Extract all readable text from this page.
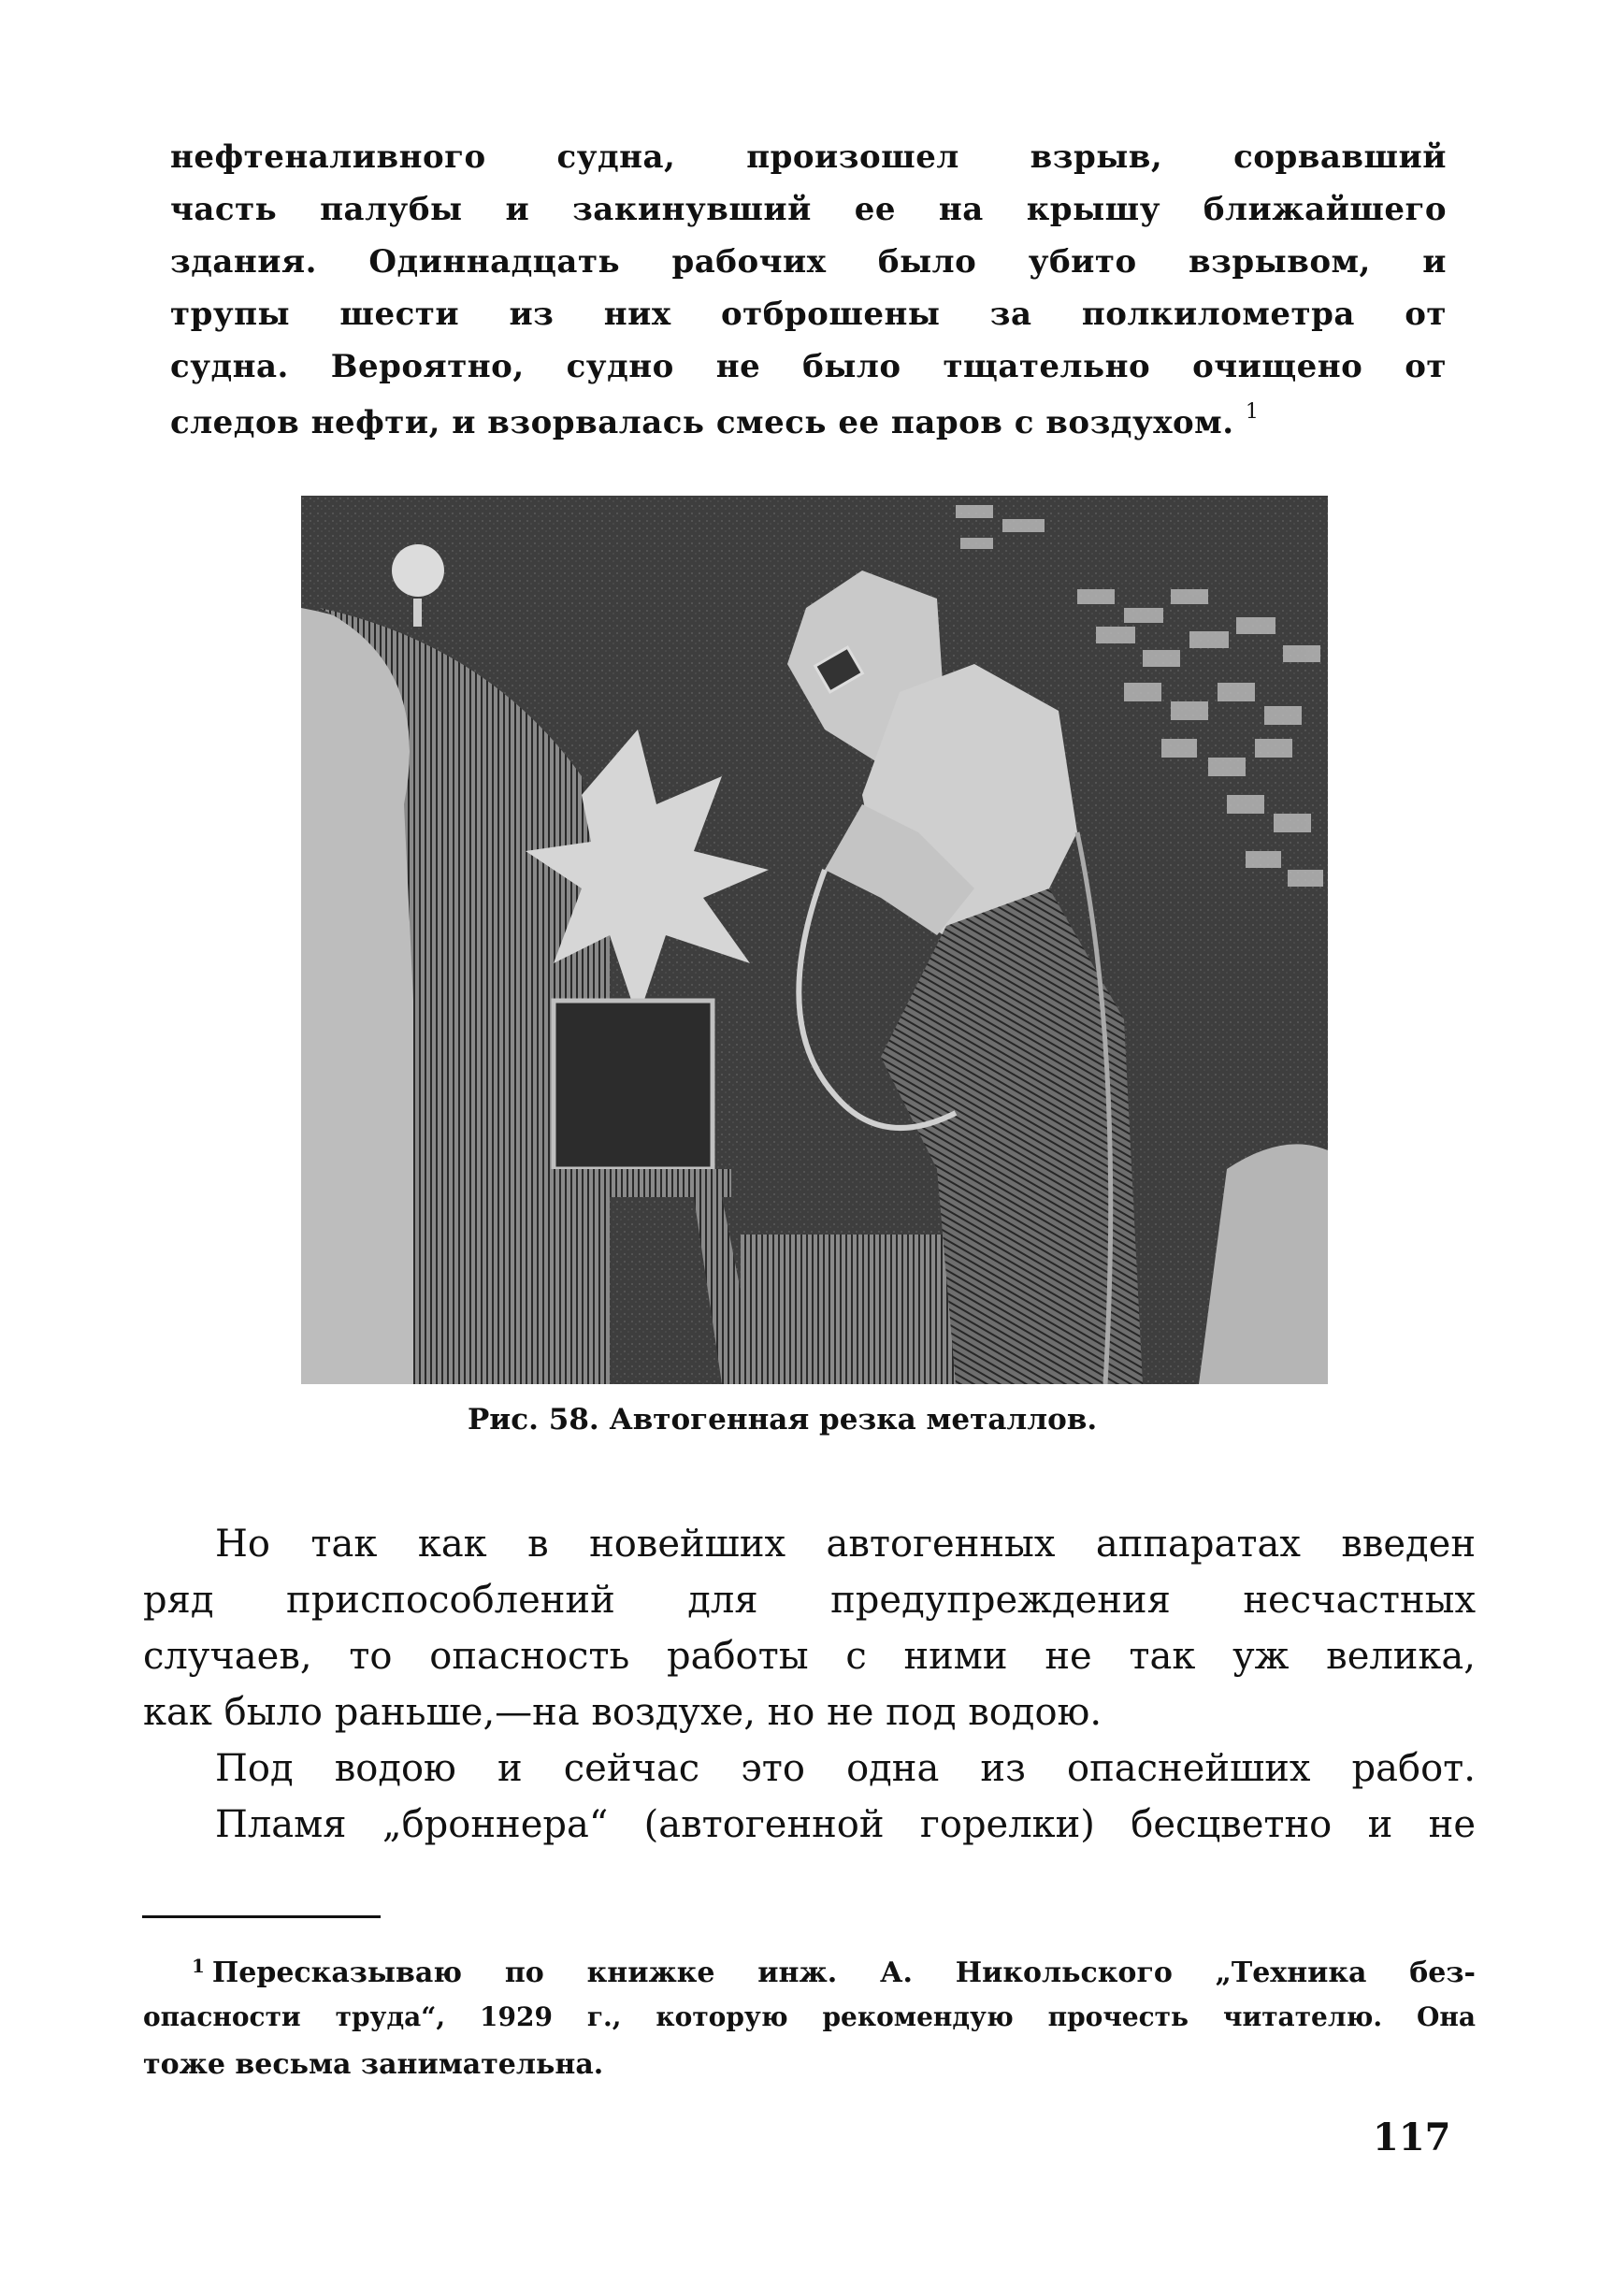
нефтеналивного судна, произошел взрыв, сорвавший
часть палубы и закинувший ее на крышу ближайшего
здания. Одиннадцать рабочих было убито взрывом, и
трупы шести из них отброшены за полкилометра от
судна. Вероятно, судно не было тщательно очищено от
следов нефти, и взорвалась смесь ее паров с воздухом. $^1$
Рис. 58. Автогенная резка металлов.
Но так как в новейших автогенных аппаратах введен
ряд приспособлений для предупреждения несчастных
случаев, то опасность работы с ними не так уж велика,
как было раньше,—на воздухе, но не под водою.
Под водою и сейчас это одна из опаснейших работ.
Пламя „броннера“ (автогенной горелки) бесцветно и не
$^1$ Пересказываю по книжке инж. А. Никольского „Техника без-
опасности труда“, 1929 г., которую рекомендую прочесть читателю. Она
тоже весьма занимательна.
117
